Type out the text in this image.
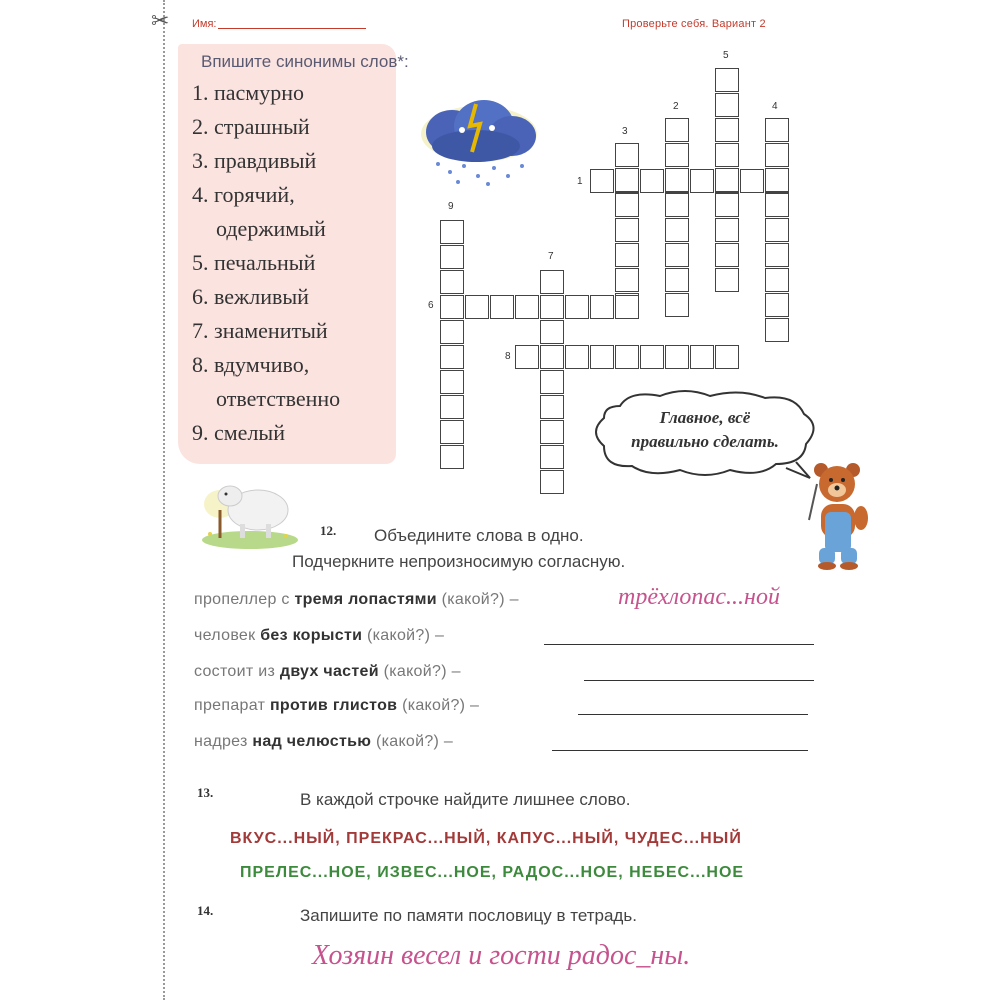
✂ Имя:	Проверьте себя. Вариант 2
Впишите синонимы слов*:
1. пасмурно
2. страшный
3. правдивый
4. горячий,
одержимый
5. печальный
6. вежливый
7. знаменитый
8. вдумчиво,
ответственно
9. смелый
1
2
3
4
5
6
7
8
9
Главное, всё
правильно сделать.
12. Объедините слова в одно.
Подчеркните непроизносимую согласную.
пропеллер с тремя лопастями (какой?) –	трёхлопас...ной
человек без корысти (какой?) –
состоит из двух частей (какой?) –
препарат против глистов (какой?) –
надрез над челюстью (какой?) –
13.	В каждой строчке найдите лишнее слово.
ВКУС...НЫЙ, ПРЕКРАС...НЫЙ, КАПУС...НЫЙ, ЧУДЕС...НЫЙ
ПРЕЛЕС...НОЕ, ИЗВЕС...НОЕ, РАДОС...НОЕ, НЕБЕС...НОЕ
14.	Запишите по памяти пословицу в тетрадь.
Хозяин весел и гости радос_ны.
